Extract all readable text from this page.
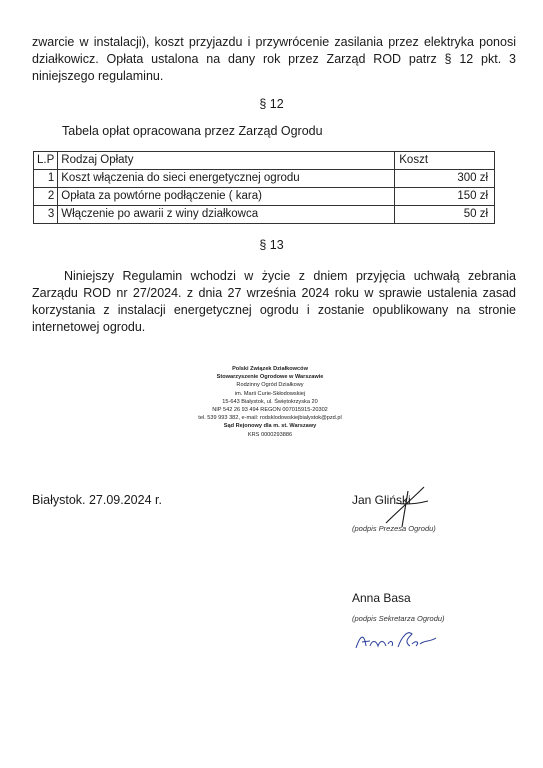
zwarcie w instalacji), koszt przyjazdu i przywrócenie zasilania przez elektryka ponosi działkowicz. Opłata ustalona na dany rok przez Zarząd ROD patrz § 12 pkt. 3 niniejszego regulaminu.

§ 12
Tabela opłat opracowana przez Zarząd Ogrodu
L.P	Rodzaj Opłaty	Koszt
1	Koszt włączenia do sieci energetycznej ogrodu	300 zł
2	Opłata za powtórne podłączenie ( kara)	150 zł
3	Włączenie po awarii z winy działkowca	50 zł
§ 13

Niniejszy Regulamin wchodzi w życie z dniem przyjęcia uchwałą zebrania Zarządu ROD nr 27/2024. z dnia 27 września 2024 roku w sprawie ustalenia zasad korzystania z instalacji energetycznej ogrodu i zostanie opublikowany na stronie internetowej ogrodu.

Polski Związek Działkowców
Stowarzyszenie Ogrodowe w Warszawie
Rodzinny Ogród Działkowy
im. Marii Curie-Skłodowskiej
15-643 Białystok, ul. Świętokrzyska 20
NIP 542 26 93 494 REGON 007015915-20302
tel. 539 993 382, e-mail: rodsklodowskiejbialystok@pzd.pl
Sąd Rejonowy dla m. st. Warszawy
KRS 0000293886
Białystok. 27.09.2024 r.	Jan Gliński
(podpis Prezesa Ogrodu)
Anna Basa
(podpis Sekretarza Ogrodu)
